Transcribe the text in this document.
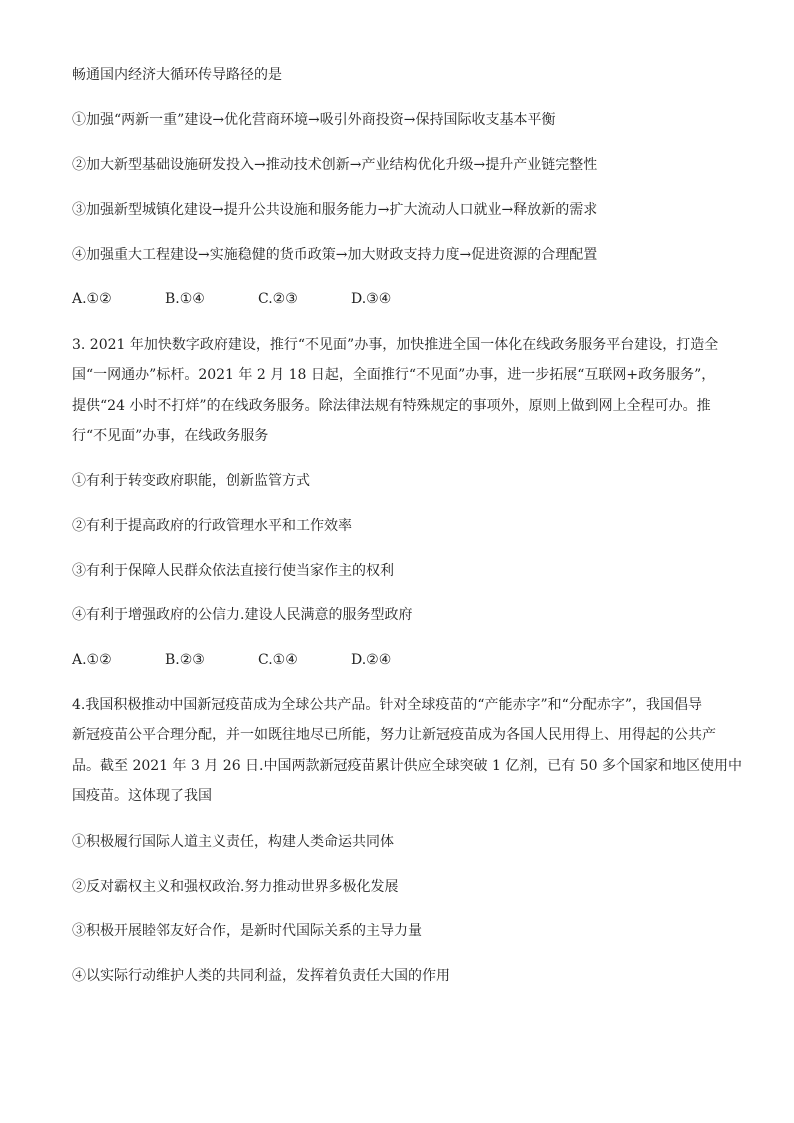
畅通国内经济大循环传导路径的是
①加强“两新一重”建设→优化营商环境→吸引外商投资→保持国际收支基本平衡
②加大新型基础设施研发投入→推动技术创新→产业结构优化升级→提升产业链完整性
③加强新型城镇化建设→提升公共设施和服务能力→扩大流动人口就业→释放新的需求
④加强重大工程建设→实施稳健的货币政策→加大财政支持力度→促进资源的合理配置
A.①②	B.①④	C.②③	D.③④
3. 2021 年加快数字政府建设，推行“不见面”办事，加快推进全国一体化在线政务服务平台建设，打造全
国“一网通办”标杆。2021 年 2 月 18 日起，全面推行“不见面”办事，进一步拓展“互联网+政务服务”，
提供“24 小时不打烊”的在线政务服务。除法律法规有特殊规定的事项外，原则上做到网上全程可办。推
行“不见面”办事，在线政务服务
①有利于转变政府职能，创新监管方式
②有利于提高政府的行政管理水平和工作效率
③有利于保障人民群众依法直接行使当家作主的权利
④有利于增强政府的公信力.建设人民满意的服务型政府
A.①②	B.②③	C.①④	D.②④
4.我国积极推动中国新冠疫苗成为全球公共产品。针对全球疫苗的“产能赤字”和“分配赤字”，我国倡导
新冠疫苗公平合理分配，并一如既往地尽已所能，努力让新冠疫苗成为各国人民用得上、用得起的公共产
品。截至 2021 年 3 月 26 日.中国两款新冠疫苗累计供应全球突破 1 亿剂，已有 50 多个国家和地区使用中
国疫苗。这体现了我国
①积极履行国际人道主义责任，构建人类命运共同体
②反对霸权主义和强权政治.努力推动世界多极化发展
③积极开展睦邻友好合作，是新时代国际关系的主导力量
④以实际行动维护人类的共同利益，发挥着负责任大国的作用
